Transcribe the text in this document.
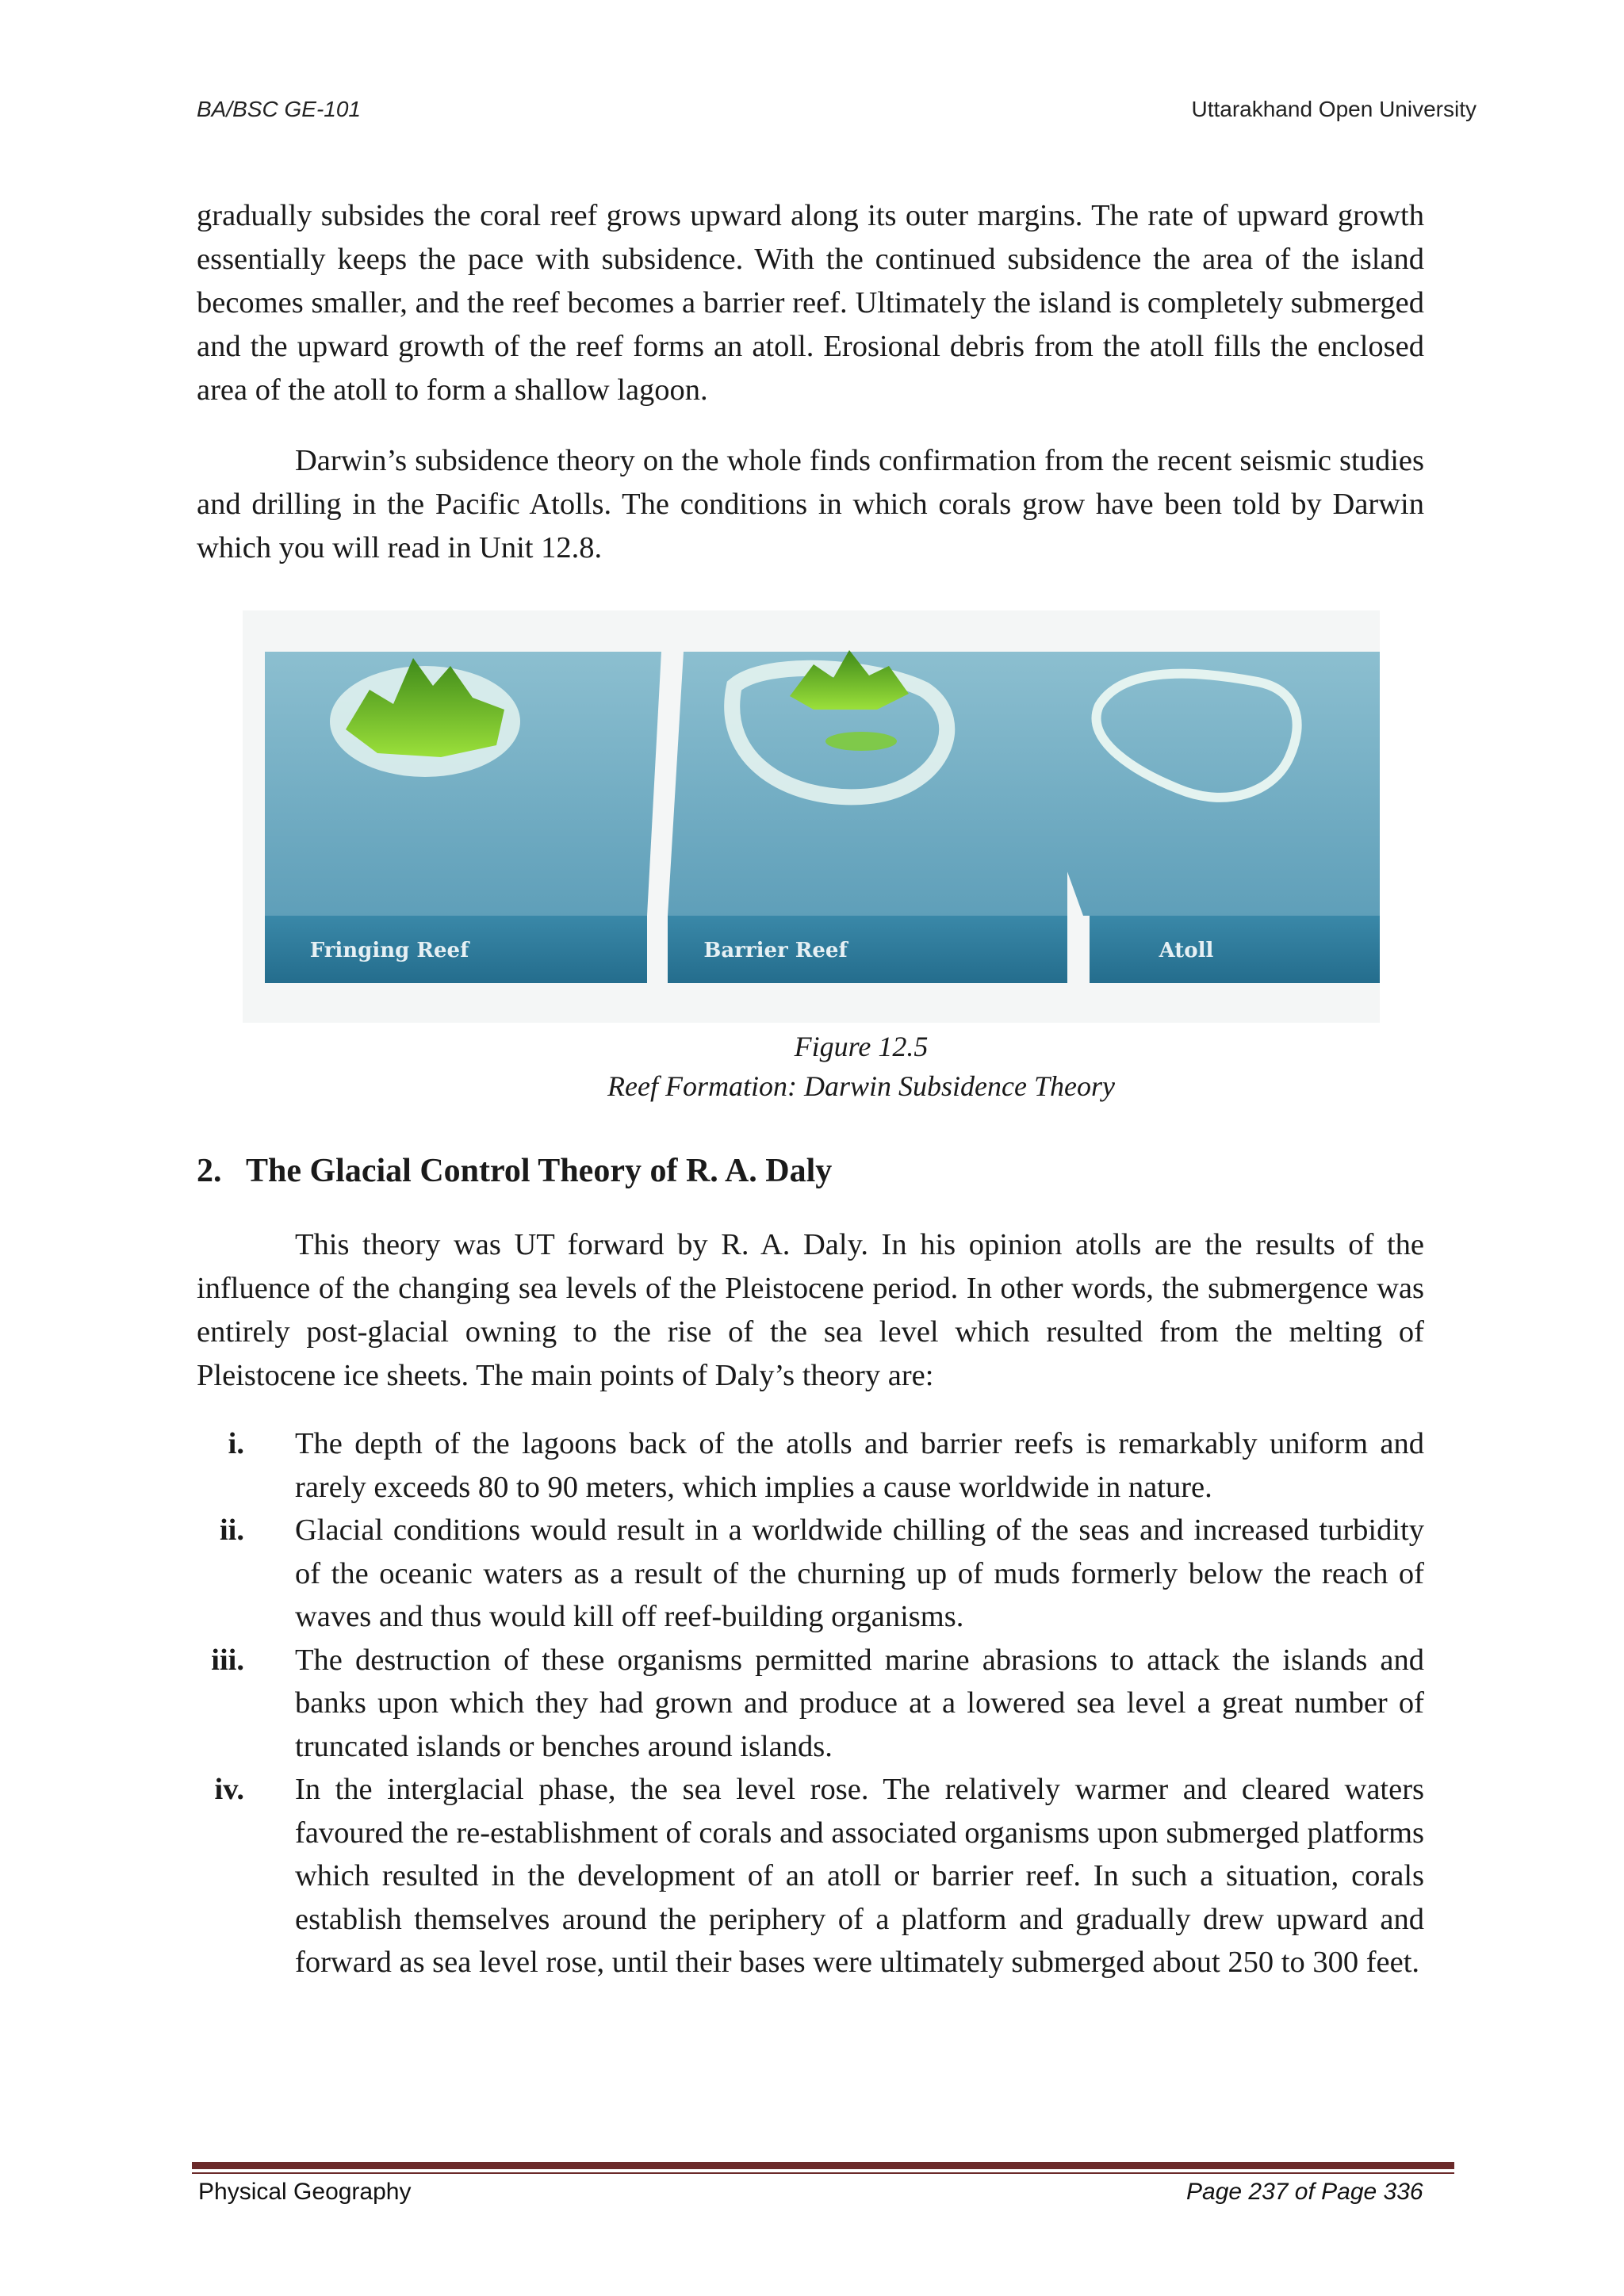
BA/BSC GE-101	Uttarakhand Open University

gradually subsides the coral reef grows upward along its outer margins. The rate of upward growth essentially keeps the pace with subsidence. With the continued subsidence the area of the island becomes smaller, and the reef becomes a barrier reef. Ultimately the island is completely submerged and the upward growth of the reef forms an atoll. Erosional debris from the atoll fills the enclosed area of the atoll to form a shallow lagoon.

Darwin’s subsidence theory on the whole finds confirmation from the recent seismic studies and drilling in the Pacific Atolls. The conditions in which corals grow have been told by Darwin which you will read in Unit 12.8.

Fringing Reef	Barrier Reef	Atoll
Figure 12.5
Reef Formation: Darwin Subsidence Theory
2. The Glacial Control Theory of R. A. Daly

This theory was UT forward by R. A. Daly. In his opinion atolls are the results of the influence of the changing sea levels of the Pleistocene period. In other words, the submergence was entirely post-glacial owning to the rise of the sea level which resulted from the melting of Pleistocene ice sheets. The main points of Daly’s theory are:

i. The depth of the lagoons back of the atolls and barrier reefs is remarkably uniform and rarely exceeds 80 to 90 meters, which implies a cause worldwide in nature.
ii. Glacial conditions would result in a worldwide chilling of the seas and increased turbidity of the oceanic waters as a result of the churning up of muds formerly below the reach of waves and thus would kill off reef-building organisms.
iii. The destruction of these organisms permitted marine abrasions to attack the islands and banks upon which they had grown and produce at a lowered sea level a great number of truncated islands or benches around islands.
iv. In the interglacial phase, the sea level rose. The relatively warmer and cleared waters favoured the re-establishment of corals and associated organisms upon submerged platforms which resulted in the development of an atoll or barrier reef. In such a situation, corals establish themselves around the periphery of a platform and gradually drew upward and forward as sea level rose, until their bases were ultimately submerged about 250 to 300 feet.
Physical Geography	Page 237 of Page 336
